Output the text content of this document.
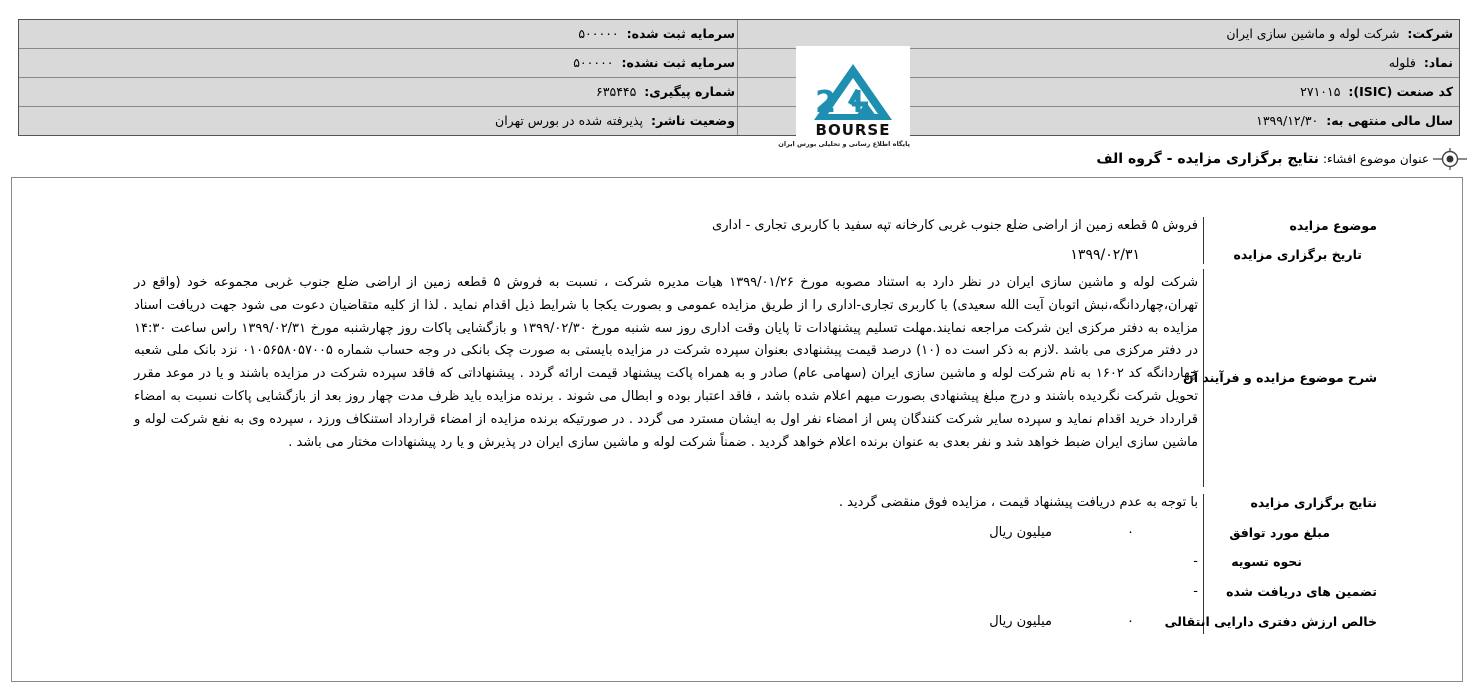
شرکت:  شرکت لوله و ماشین سازی ایران
سرمایه ثبت شده:  ۵۰۰۰۰۰
نماد:  فلوله
سرمایه ثبت نشده:  ۵۰۰۰۰۰
کد صنعت (ISIC):  ۲۷۱۰۱۵
شماره پیگیری:  ۶۳۵۴۴۵
سال مالی منتهی به:  ۱۳۹۹/۱۲/۳۰
وضعیت ناشر:  پذیرفته شده در بورس تهران
2
BOURSE
پایگاه اطلاع رسانی و تحلیلی بورس ایران
عنوان موضوع افشاء:
نتایج برگزاری مزایده - گروه الف
موضوع مزایده
فروش ۵ قطعه زمین از اراضی ضلع جنوب غربی کارخانه تپه سفید با کاربری تجاری - اداری
تاریخ برگزاری مزایده
۱۳۹۹/۰۲/۳۱
شرح موضوع مزایده و فرآیند آن
شرکت لوله و ماشین سازی ایران در نظر دارد به استناد مصوبه مورخ ۱۳۹۹/۰۱/۲۶ هیات مدیره شرکت ، نسبت به فروش ۵ قطعه زمین از اراضی ضلع جنوب غربی مجموعه خود (واقع در تهران،چهاردانگه،نبش اتوبان آیت الله سعیدی) با کاربری تجاری-اداری را از طریق مزایده عمومی و بصورت یکجا با شرایط ذیل اقدام نماید . لذا از کلیه متقاضیان دعوت می شود جهت دریافت اسناد مزایده به دفتر مرکزی این شرکت مراجعه نمایند.مهلت تسلیم پیشنهادات تا پایان وقت اداری روز سه شنبه مورخ ۱۳۹۹/۰۲/۳۰ و بازگشایی پاکات روز چهارشنبه مورخ ۱۳۹۹/۰۲/۳۱ راس ساعت ۱۴:۳۰ در دفتر مرکزی می باشد .لازم به ذکر است ده (۱۰) درصد قیمت پیشنهادی بعنوان سپرده شرکت در مزایده بایستی به صورت چک بانکی در وجه حساب شماره ۰۱۰۵۶۵۸۰۵۷۰۰۵ نزد بانک ملی شعبه چهاردانگه کد ۱۶۰۲ به نام شرکت لوله و ماشین سازی ایران (سهامی عام) صادر و به همراه پاکت پیشنهاد قیمت ارائه گردد . پیشنهاداتی که فاقد سپرده شرکت در مزایده باشند و یا در موعد مقرر تحویل شرکت نگردیده باشند و درج مبلغ پیشنهادی بصورت مبهم اعلام شده باشد ، فاقد اعتبار بوده و ابطال می شوند . برنده مزایده باید ظرف مدت چهار روز بعد از بازگشایی پاکات نسبت به امضاء قرارداد خرید اقدام نماید و سپرده سایر شرکت کنندگان پس از امضاء نفر اول به ایشان مسترد می گردد . در صورتیکه برنده مزایده از امضاء قرارداد استنکاف ورزد ، سپرده وی به نفع شرکت لوله و ماشین سازی ایران ضبط خواهد شد و نفر بعدی به عنوان برنده اعلام خواهد گردید . ضمناً شرکت لوله و ماشین سازی ایران در پذیرش و یا رد پیشنهادات مختار می باشد .
نتایج برگزاری مزایده
با توجه به عدم دریافت پیشنهاد قیمت ، مزایده فوق منقضی گردید .
مبلغ مورد توافق
۰
میلیون ریال
نحوه تسویه
-
تضمین های دریافت شده
-
خالص ارزش دفتری دارایی انتقالی
۰
میلیون ریال
